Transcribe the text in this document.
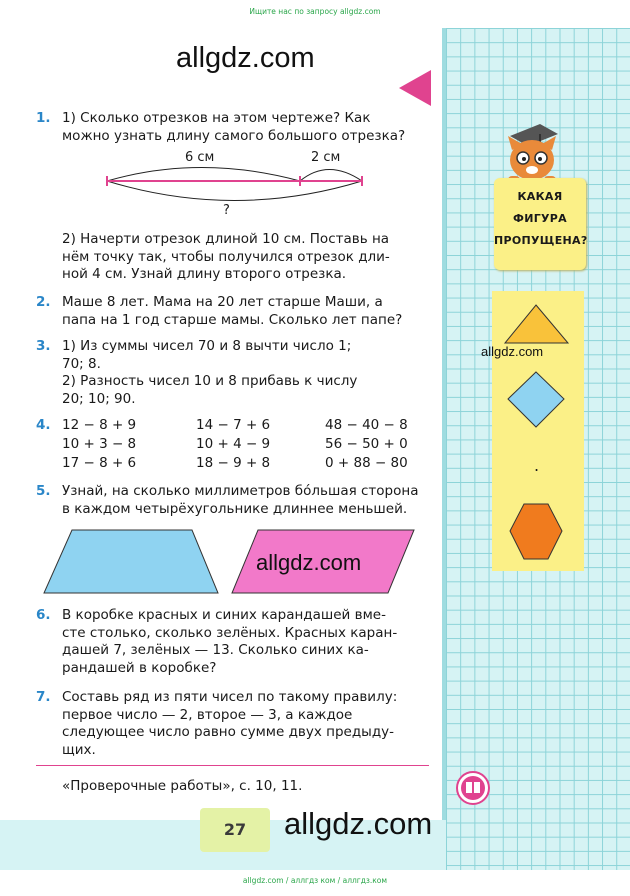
Ищите нас по запросу allgdz.com
allgdz.com
1. 1) Сколько отрезков на этом чертеже? Как
можно узнать длину самого большого отрезка?
6 см	2 см
?
2) Начерти отрезок длиной 10 см. Поставь на
нём точку так, чтобы получился отрезок дли-
ной 4 см. Узнай длину второго отрезка.
2. Маше 8 лет. Мама на 20 лет старше Маши, а
папа на 1 год старше мамы. Сколько лет папе?
3. 1) Из суммы чисел 70 и 8 вычти число 1;
70; 8.
2) Разность чисел 10 и 8 прибавь к числу
20; 10; 90.
4. 12 − 8 + 9	14 − 7 + 6	48 − 40 − 8
10 + 3 − 8	10 + 4 − 9	56 − 50 + 0
17 − 8 + 6	18 − 9 + 8	0 + 88 − 80
5. Узнай, на сколько миллиметров бо́льшая сторона
в каждом четырёхугольнике длиннее меньшей.
allgdz.com
6. В коробке красных и синих карандашей вме-
сте столько, сколько зелёных. Красных каран-
дашей 7, зелёных — 13. Сколько синих ка-
рандашей в коробке?
7. Составь ряд из пяти чисел по такому правилу:
первое число — 2, второе — 3, а каждое
следующее число равно сумме двух предыду-
щих.
«Проверочные работы», с. 10, 11.
КАКАЯ
ФИГУРА
ПРОПУЩЕНА?
.
allgdz.com
27	allgdz.com
allgdz.com / аллгдз ком / аллгдз.ком
